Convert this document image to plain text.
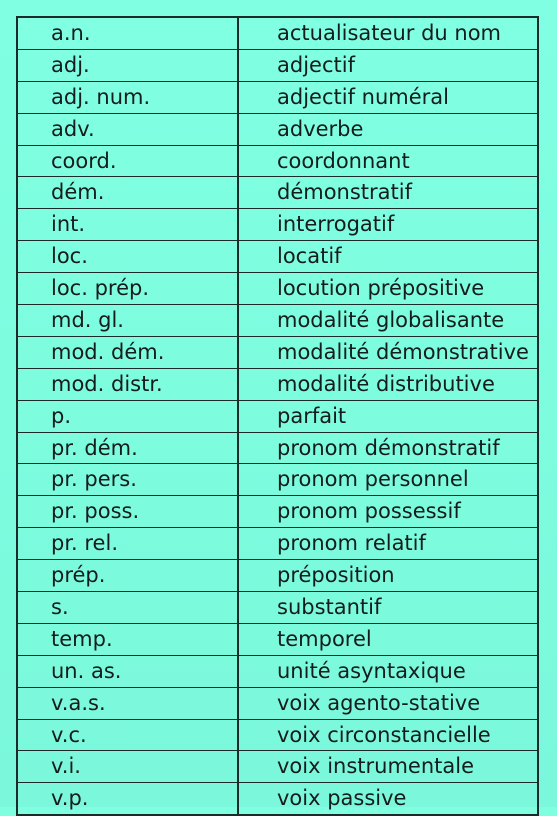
a.n.	actualisateur du nom
adj.	adjectif
adj. num.	adjectif numéral
adv.	adverbe
coord.	coordonnant
dém.	démonstratif
int.	interrogatif
loc.	locatif
loc. prép.	locution prépositive
md. gl.	modalité globalisante
mod. dém.	modalité démonstrative
mod. distr.	modalité distributive
p.	parfait
pr. dém.	pronom démonstratif
pr. pers.	pronom personnel
pr. poss.	pronom possessif
pr. rel.	pronom relatif
prép.	préposition
s.	substantif
temp.	temporel
un. as.	unité asyntaxique
v.a.s.	voix agento-stative
v.c.	voix circonstancielle
v.i.	voix instrumentale
v.p.	voix passive
